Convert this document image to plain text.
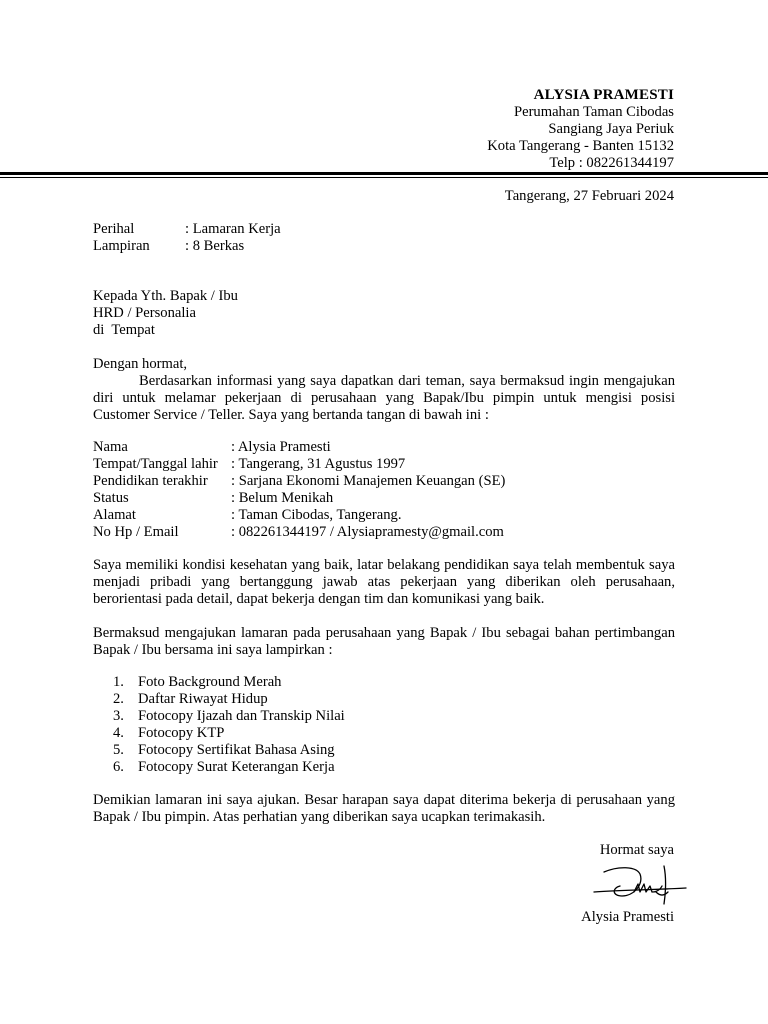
ALYSIA PRAMESTI
Perumahan Taman Cibodas
Sangiang Jaya Periuk
Kota Tangerang - Banten 15132
Telp : 082261344197
Tangerang, 27 Februari 2024
Perihal	: Lamaran Kerja
Lampiran	: 8 Berkas
Kepada Yth. Bapak / Ibu
HRD / Personalia
di  Tempat
Dengan hormat,
Berdasarkan informasi yang saya dapatkan dari teman, saya bermaksud ingin mengajukan diri untuk melamar pekerjaan di perusahaan yang Bapak/Ibu pimpin untuk mengisi posisi Customer Service / Teller. Saya yang bertanda tangan di bawah ini :
Nama	: Alysia Pramesti
Tempat/Tanggal lahir : Tangerang, 31 Agustus 1997
Pendidikan terakhir	: Sarjana Ekonomi Manajemen Keuangan (SE)
Status	: Belum Menikah
Alamat	: Taman Cibodas, Tangerang.
No Hp / Email	: 082261344197 / Alysiapramesty@gmail.com
Saya memiliki kondisi kesehatan yang baik, latar belakang pendidikan saya telah membentuk saya menjadi pribadi yang bertanggung jawab atas pekerjaan yang diberikan oleh perusahaan, berorientasi pada detail, dapat bekerja dengan tim dan komunikasi yang baik.
Bermaksud mengajukan lamaran pada perusahaan yang Bapak / Ibu sebagai bahan pertimbangan Bapak / Ibu bersama ini saya lampirkan :
1. Foto Background Merah
2. Daftar Riwayat Hidup
3. Fotocopy Ijazah dan Transkip Nilai
4. Fotocopy KTP
5. Fotocopy Sertifikat Bahasa Asing
6. Fotocopy Surat Keterangan Kerja
Demikian lamaran ini saya ajukan. Besar harapan saya dapat diterima bekerja di perusahaan yang Bapak / Ibu pimpin. Atas perhatian yang diberikan saya ucapkan terimakasih.
Hormat saya
Alysia Pramesti
